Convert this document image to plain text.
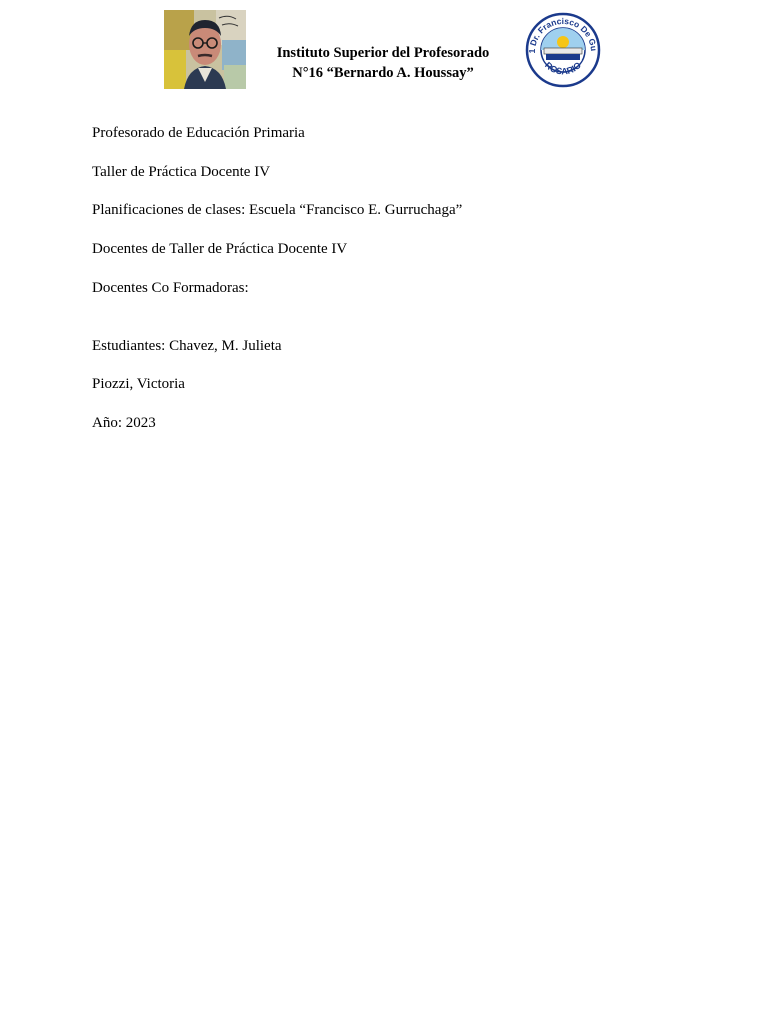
Instituto Superior del Profesorado
N°16 “Bernardo A. Houssay”
1 Dr. Francisco De Gu
ROSARIO
Profesorado de Educación Primaria
Taller de Práctica Docente IV
Planificaciones de clases: Escuela “Francisco E. Gurruchaga”
Docentes de Taller de Práctica Docente IV
Docentes Co Formadoras:
Estudiantes: Chavez, M. Julieta
Piozzi, Victoria
Año: 2023
